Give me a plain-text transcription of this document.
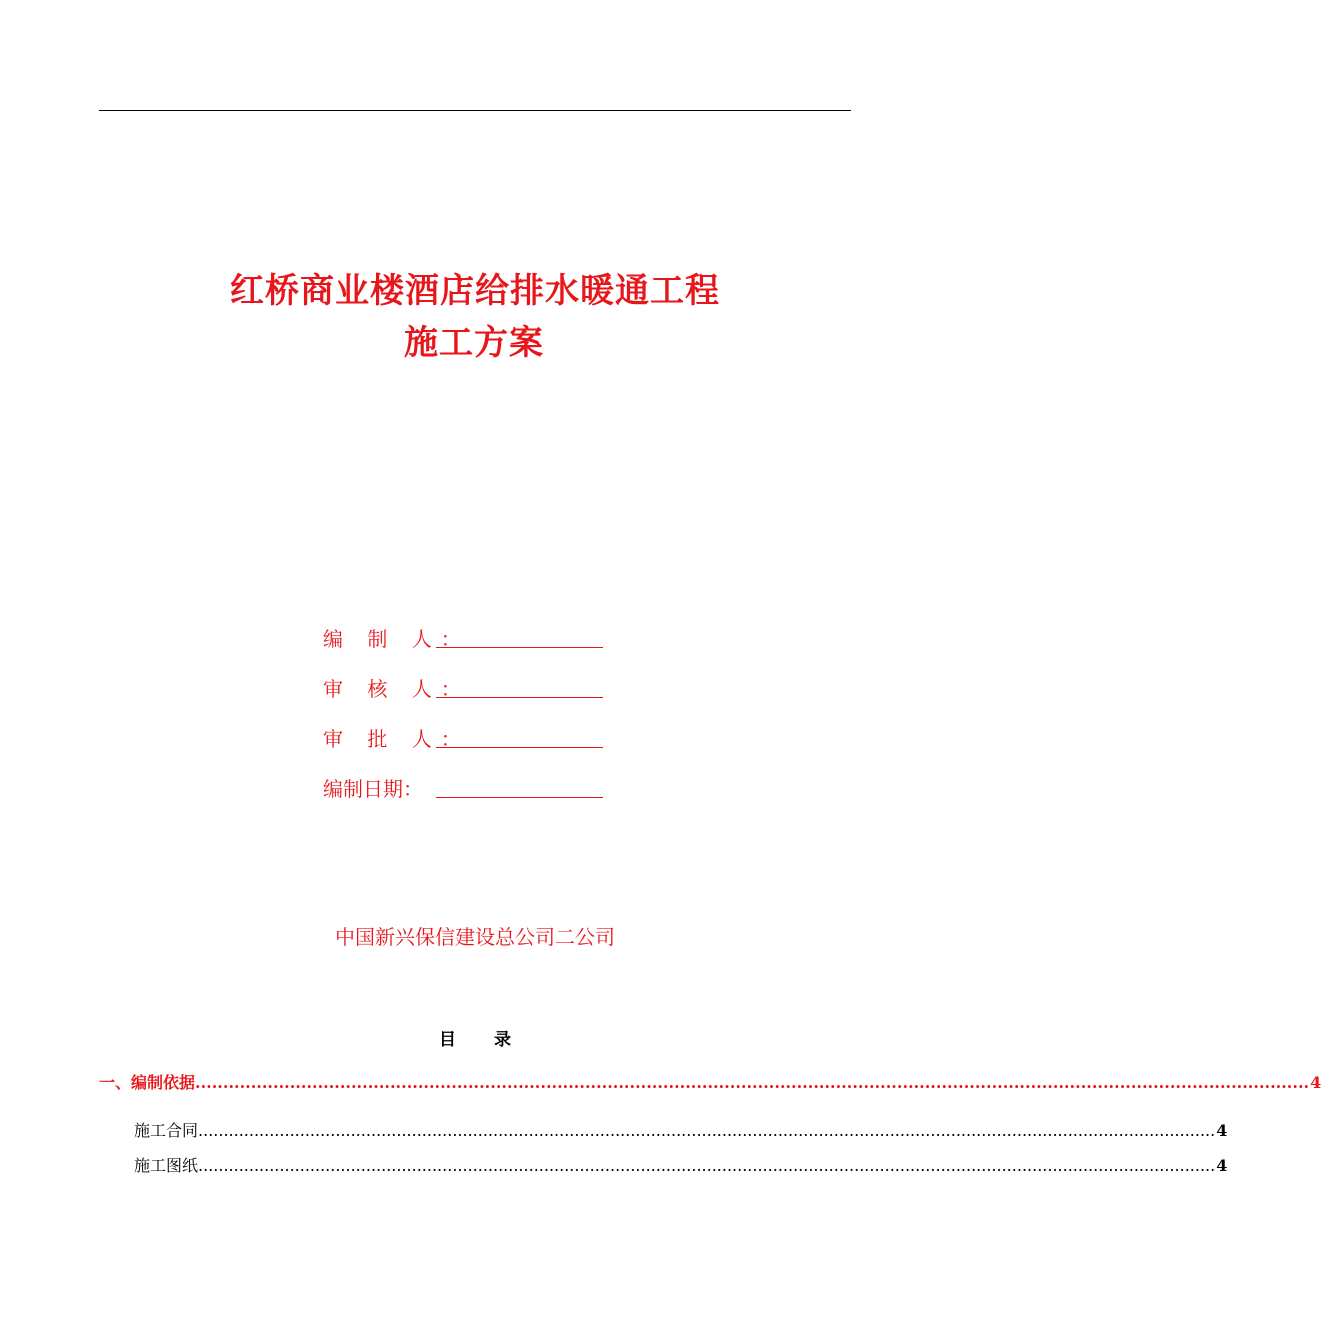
红桥商业楼酒店给排水暖通工程
施工方案
编 制 人：
审 核 人：
审 批 人：
编制日期：
中国新兴保信建设总公司二公司
目录
一、编制依据 ........................................................................................................................................................................................................ 4
施工合同 ........................................................................................................................................................................................................ 4
施工图纸 ........................................................................................................................................................................................................ 4
